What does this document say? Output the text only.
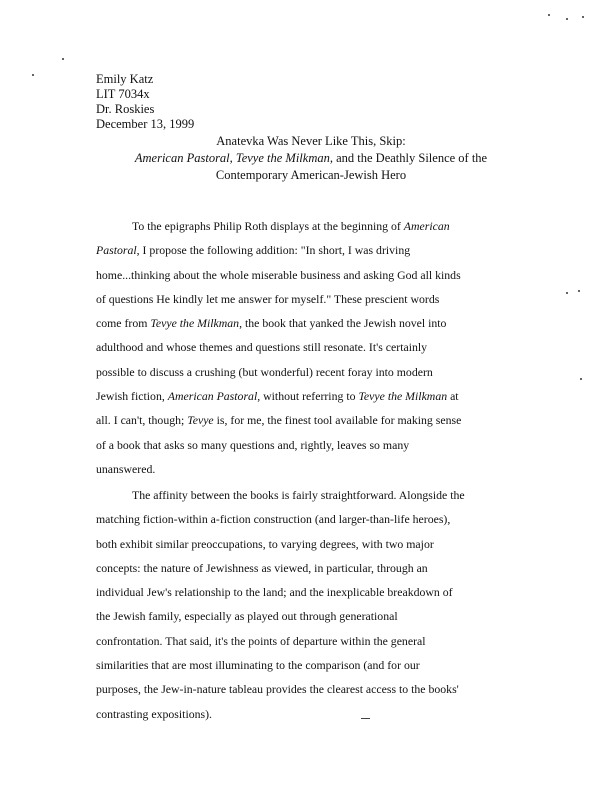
Emily Katz
LIT 7034x
Dr. Roskies
December 13, 1999
Anatevka Was Never Like This, Skip:
American Pastoral, Tevye the Milkman, and the Deathly Silence of the
Contemporary American-Jewish Hero
To the epigraphs Philip Roth displays at the beginning of American
Pastoral, I propose the following addition: "In short, I was driving
home...thinking about the whole miserable business and asking God all kinds
of questions He kindly let me answer for myself." These prescient words
come from Tevye the Milkman, the book that yanked the Jewish novel into
adulthood and whose themes and questions still resonate. It's certainly
possible to discuss a crushing (but wonderful) recent foray into modern
Jewish fiction, American Pastoral, without referring to Tevye the Milkman at
all. I can't, though; Tevye is, for me, the finest tool available for making sense
of a book that asks so many questions and, rightly, leaves so many
unanswered.
The affinity between the books is fairly straightforward. Alongside the
matching fiction-within a-fiction construction (and larger-than-life heroes),
both exhibit similar preoccupations, to varying degrees, with two major
concepts: the nature of Jewishness as viewed, in particular, through an
individual Jew's relationship to the land; and the inexplicable breakdown of
the Jewish family, especially as played out through generational
confrontation. That said, it's the points of departure within the general
similarities that are most illuminating to the comparison (and for our
purposes, the Jew-in-nature tableau provides the clearest access to the books'
contrasting expositions).
